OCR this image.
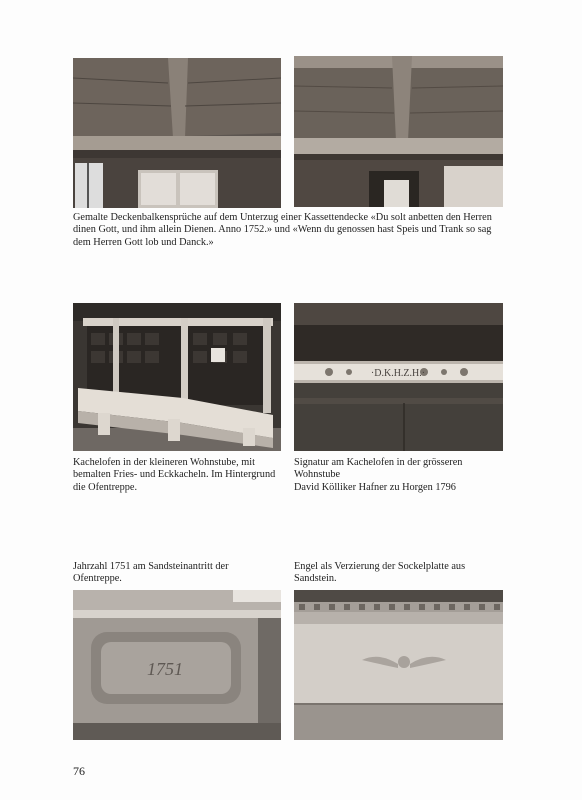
Gemalte Deckenbalkensprüche auf dem Unterzug einer Kassettendecke «Du solt anbetten den Herren dinen Gott, und ihm allein Dienen. Anno 1752.» und «Wenn du genossen hast Speis und Trank so sag dem Herren Gott lob und Danck.»
·D.K.H.Z.H.·
Kachelofen in der kleineren Wohnstube, mit bemalten Fries- und Eckkacheln. Im Hintergrund die Ofentreppe.
Signatur am Kachelofen in der grösseren Wohnstube
David Kölliker Hafner zu Horgen 1796
Jahrzahl 1751 am Sandsteinantritt der Ofentreppe.
Engel als Verzierung der Sockelplatte aus Sandstein.
1751
76
